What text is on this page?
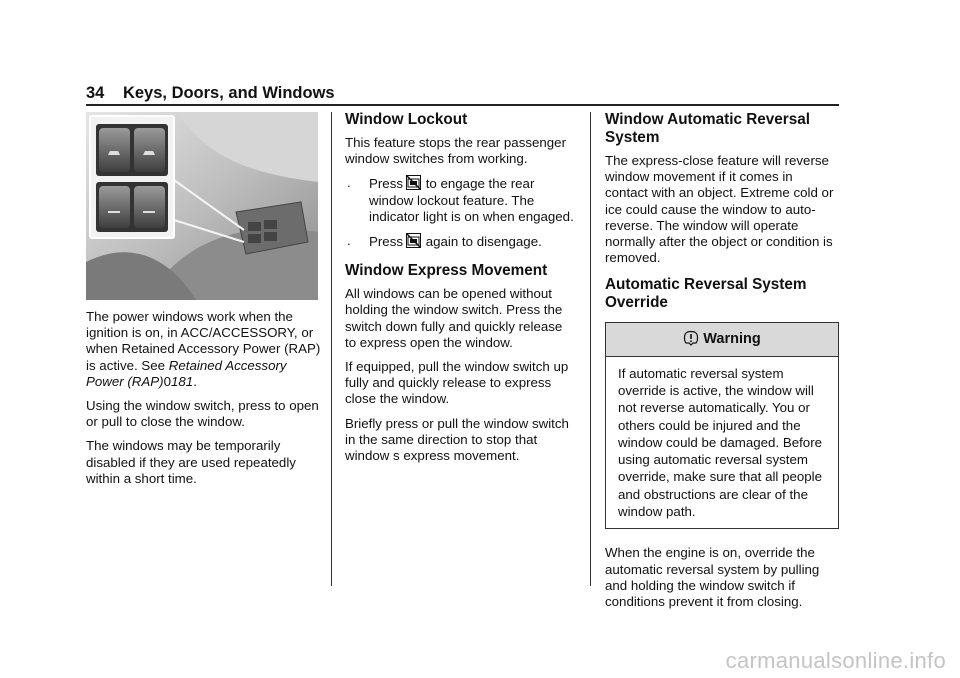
34 Keys, Doors, and Windows

The power windows work when the ignition is on, in ACC/ACCESSORY, or when Retained Accessory Power (RAP) is active. See Retained Accessory Power (RAP)0181.

Using the window switch, press to open or pull to close the window.

The windows may be temporarily disabled if they are used repeatedly within a short time.

Window Lockout

This feature stops the rear passenger window switches from working.

.	Press to engage the rear window lockout feature. The indicator light is on when engaged.
.	Press again to disengage.
Window Express Movement

All windows can be opened without holding the window switch. Press the switch down fully and quickly release to express open the window.

If equipped, pull the window switch up fully and quickly release to express close the window.

Briefly press or pull the window switch in the same direction to stop that window s express movement.

Window Automatic Reversal System

The express-close feature will reverse window movement if it comes in contact with an object. Extreme cold or ice could cause the window to auto-reverse. The window will operate normally after the object or condition is removed.

Automatic Reversal System Override
Warning
If automatic reversal system override is active, the window will not reverse automatically. You or others could be injured and the window could be damaged. Before using automatic reversal system override, make sure that all people and obstructions are clear of the window path.

When the engine is on, override the automatic reversal system by pulling and holding the window switch if conditions prevent it from closing.

carmanualsonline.info
